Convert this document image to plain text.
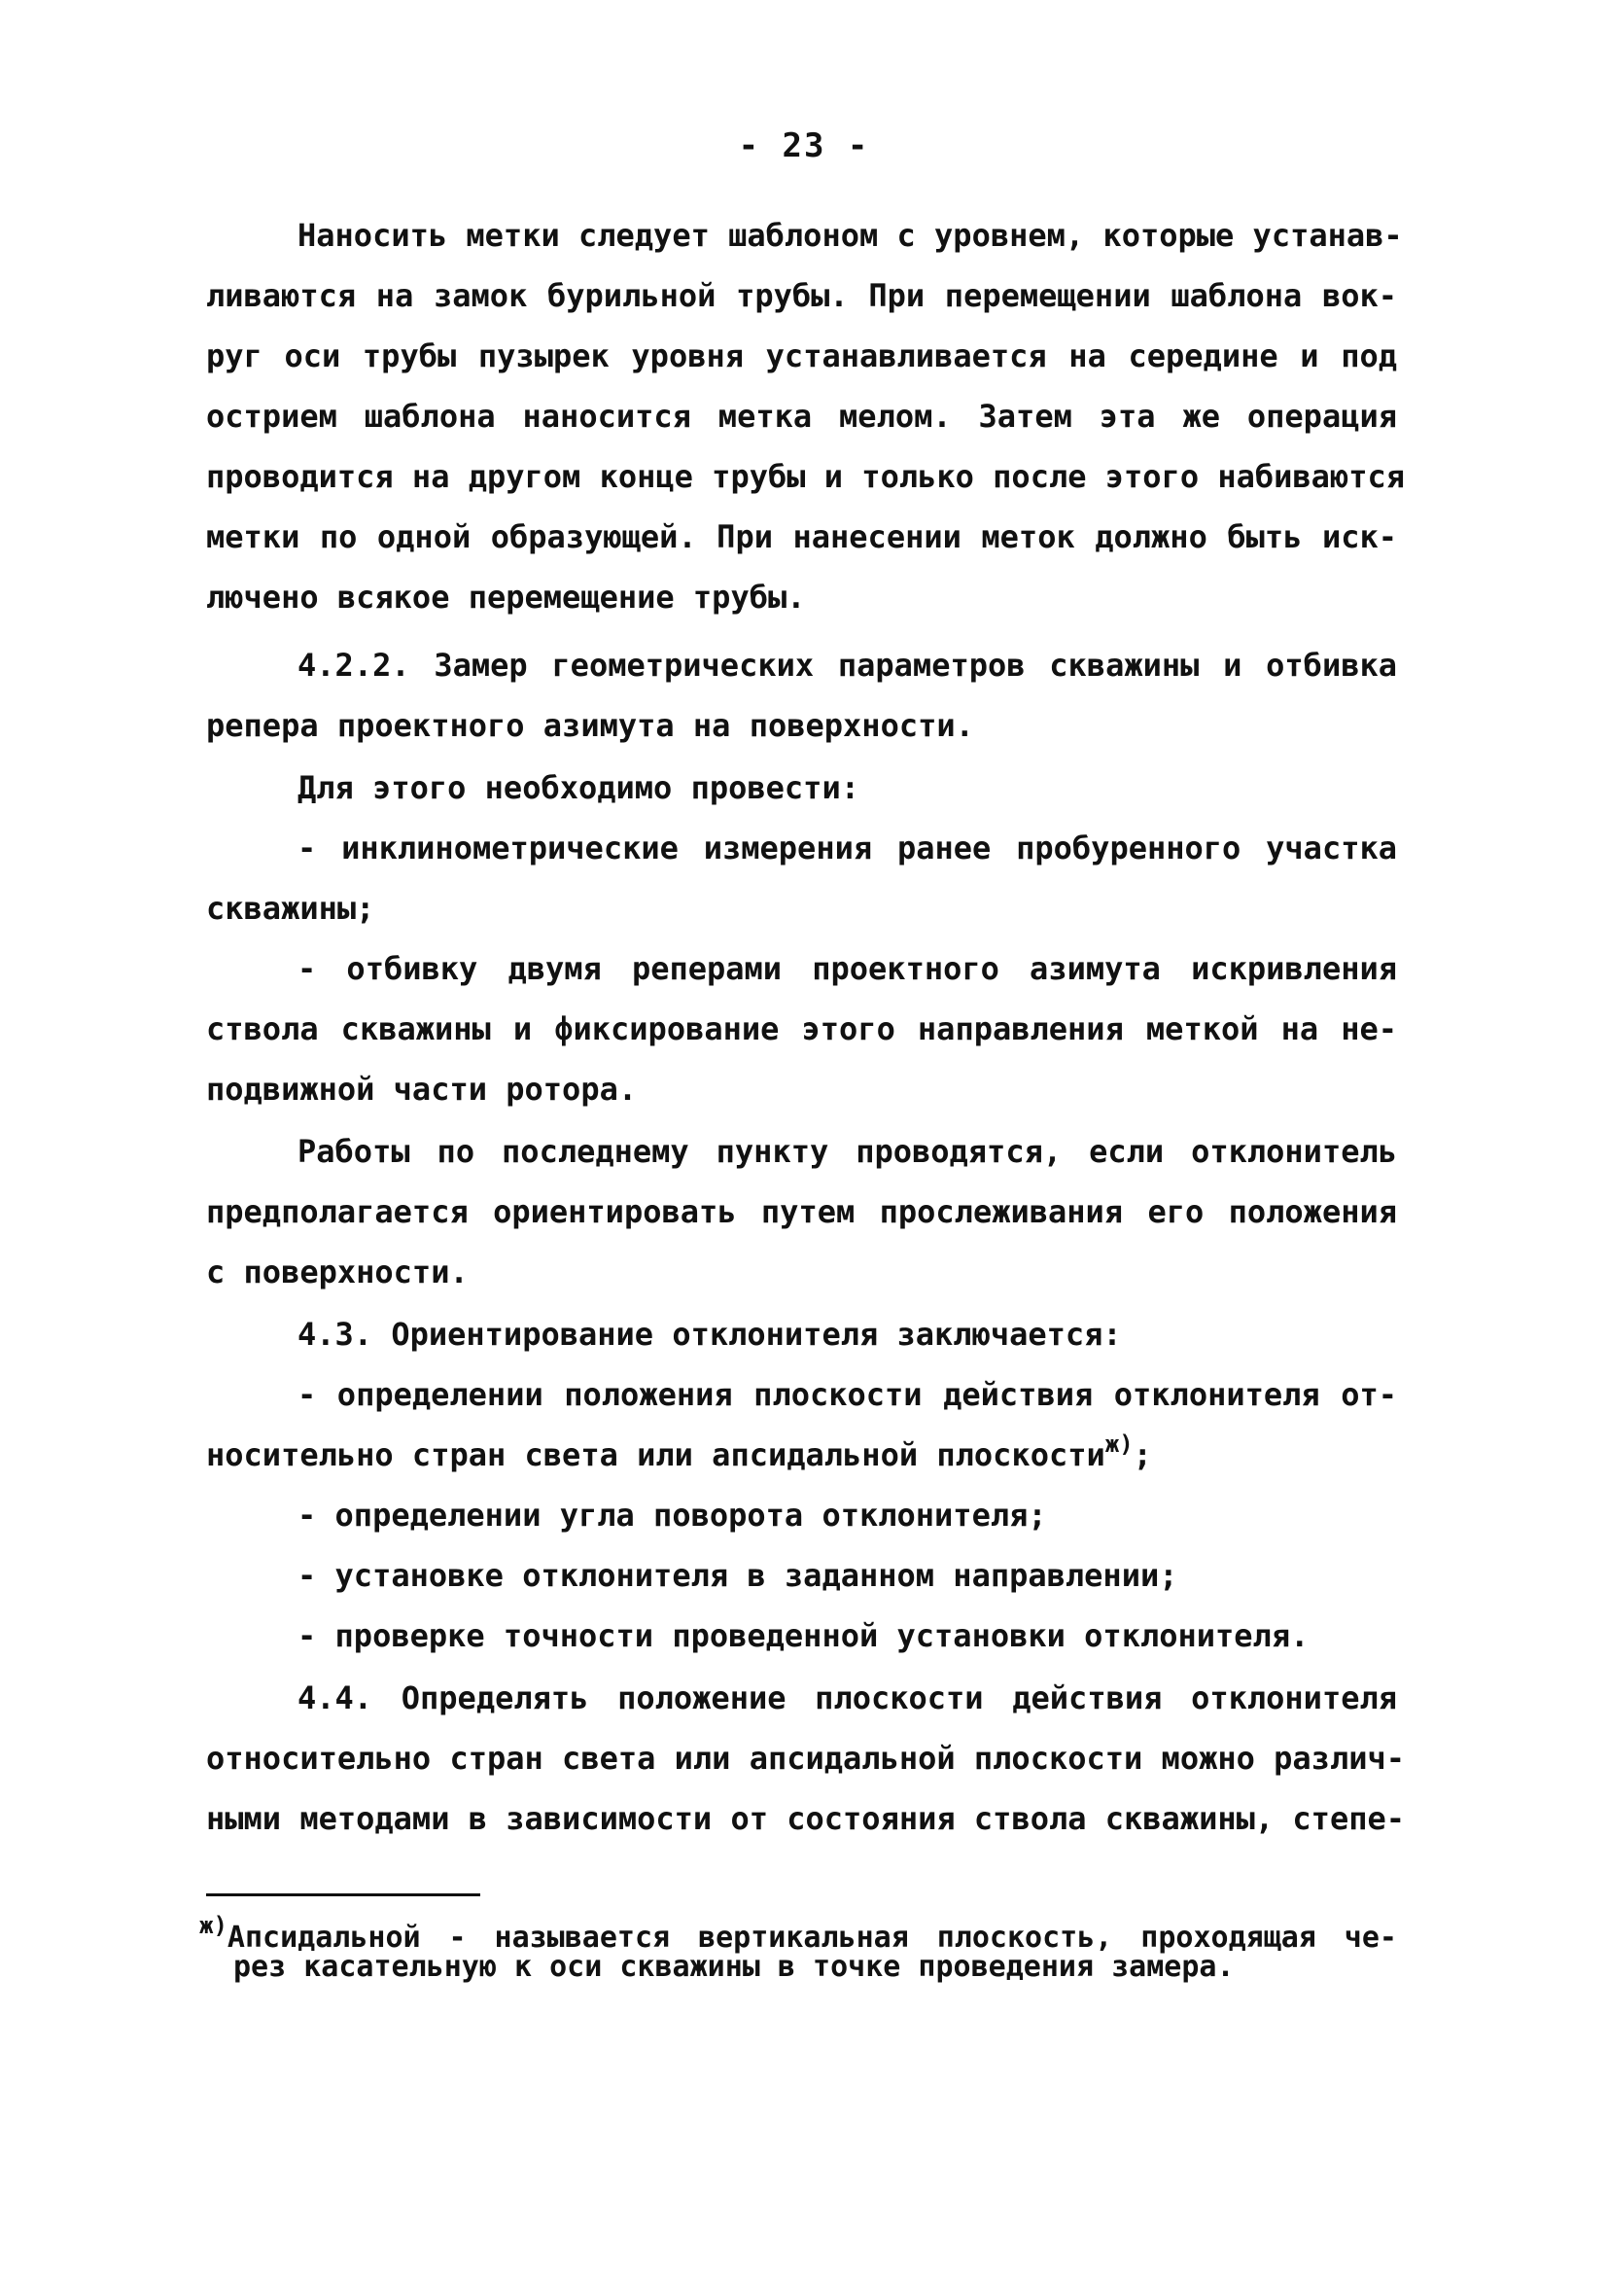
- 23 -
Наносить метки следует шаблоном с уровнем, которые устанав-
ливаются на замок бурильной трубы. При перемещении шаблона вок-
руг оси трубы пузырек уровня устанавливается на середине и под
острием шаблона наносится метка мелом. Затем эта же операция
проводится на другом конце трубы и только после этого набиваются
метки по одной образующей. При нанесении меток должно быть иск-
лючено всякое перемещение трубы.
4.2.2. Замер геометрических параметров скважины и отбивка
репера проектного азимута на поверхности.
Для этого необходимо провести:
- инклинометрические измерения ранее пробуренного участка
скважины;
- отбивку двумя реперами проектного азимута искривления
ствола скважины и фиксирование этого направления меткой на не-
подвижной части ротора.
Работы по последнему пункту проводятся, если отклонитель
предполагается ориентировать путем прослеживания его положения
с поверхности.
4.3. Ориентирование отклонителя заключается:
- определении положения плоскости действия отклонителя от-
носительно стран света или апсидальной плоскости$^{ж)}$;
- определении угла поворота отклонителя;
- установке отклонителя в заданном направлении;
- проверке точности проведенной установки отклонителя.
4.4. Определять положение плоскости действия отклонителя
относительно стран света или апсидальной плоскости можно различ-
ными методами в зависимости от состояния ствола скважины, степе-
$^{ж)}$Апсидальной - называется вертикальная плоскость, проходящая че-
рез касательную к оси скважины в точке проведения замера.
